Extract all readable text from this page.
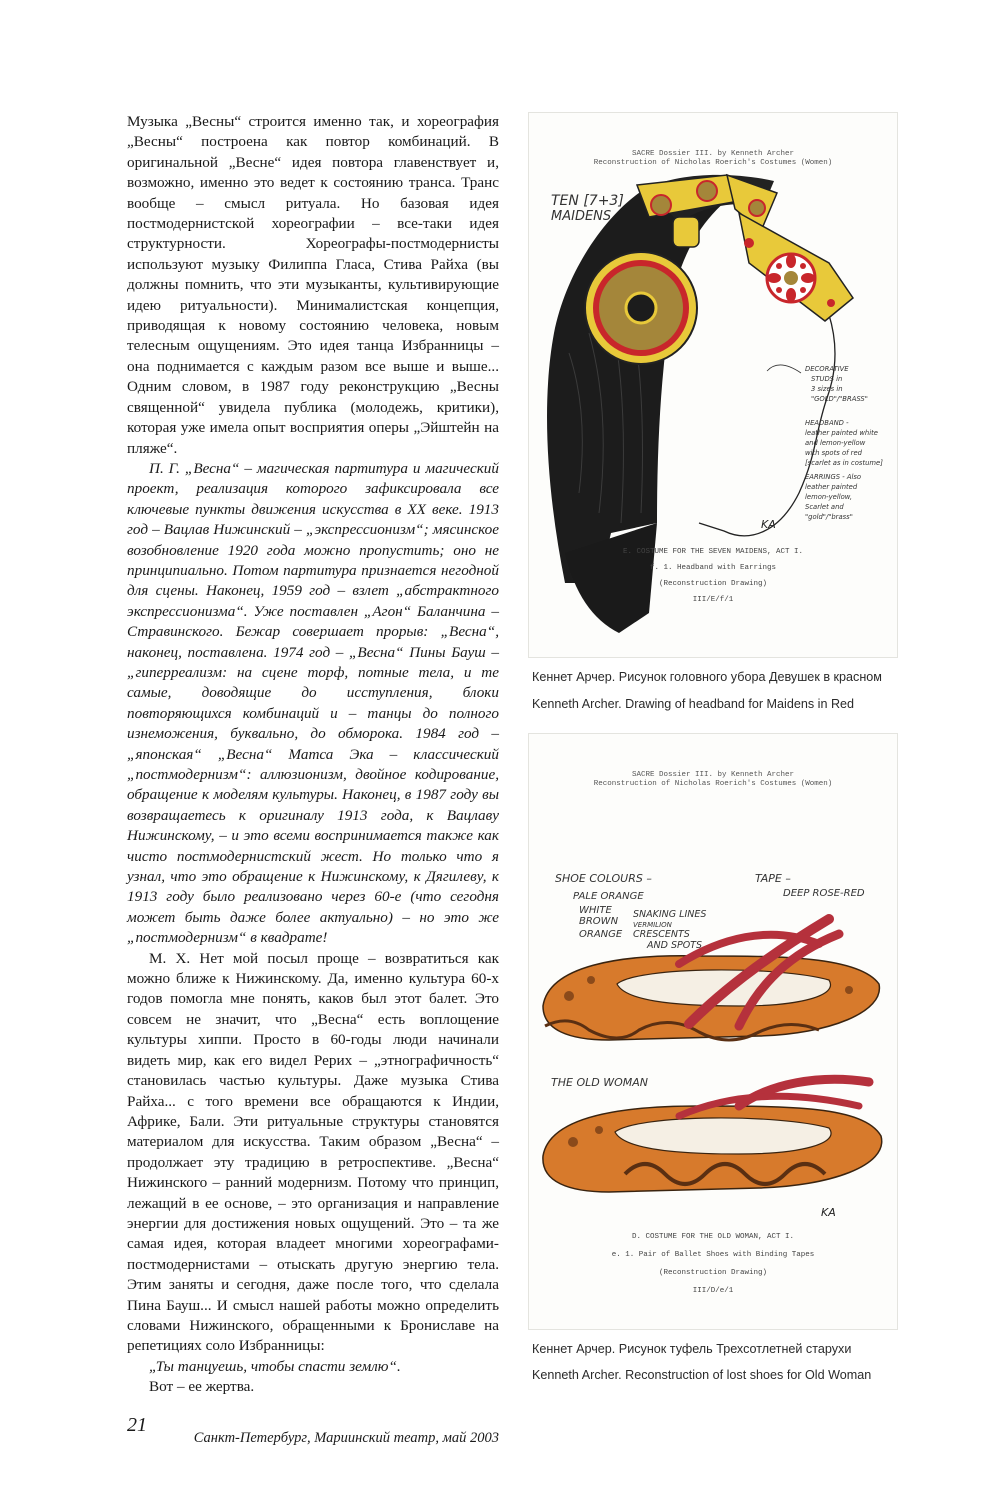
Музыка „Весны“ строится именно так, и хореография „Весны“ построена как повтор комбинаций. В оригинальной „Весне“ идея повтора главенствует и, возможно, именно это ведет к состоянию транса. Транс вообще – смысл ритуала. Но базовая идея постмодернистской хореографии – все-таки идея структурности. Хореографы-постмодернисты используют музыку Филиппа Гласа, Стива Райха (вы должны помнить, что эти музыканты, культивирующие идею ритуальности). Минималистская концепция, приводящая к новому состоянию человека, новым телесным ощущениям. Это идея танца Избранницы – она поднимается с каждым разом все выше и выше... Одним словом, в 1987 году реконструкцию „Весны священной“ увидела публика (молодежь, критики), которая уже имела опыт восприятия оперы „Эйштейн на пляже“.

П. Г. „Весна“ – магическая партитура и магический проект, реализация которого зафиксировала все ключевые пункты движения искусства в XX веке. 1913 год – Вацлав Нижинский – „экспрессионизм“; мясинское возобновление 1920 года можно пропустить; оно не принципиально. Потом партитура признается негодной для сцены. Наконец, 1959 год – взлет „абстрактного экспрессионизма“. Уже поставлен „Агон“ Баланчина – Стравинского. Бежар совершает прорыв: „Весна“, наконец, поставлена. 1974 год – „Весна“ Пины Бауш – „гиперреализм: на сцене торф, потные тела, и те самые, доводящие до исступления, блоки повторяющихся комбинаций и – танцы до полного изнеможения, буквально, до обморока. 1984 год – „японская“ „Весна“ Матса Эка – классический „постмодернизм“: аллюзионизм, двойное кодирование, обращение к моделям культуры. Наконец, в 1987 году вы возвращаетесь к оригиналу 1913 года, к Вацлаву Нижинскому, – и это всеми воспринимается также как чисто постмодернистский жест. Но только что я узнал, что это обращение к Нижинскому, к Дягилеву, к 1913 году было реализовано через 60-е (что сегодня может быть даже более актуально) – но это же „постмодернизм“ в квадрате!

М. Х. Нет мой посыл проще – возвратиться как можно ближе к Нижинскому. Да, именно культура 60-х годов помогла мне понять, каков был этот балет. Это совсем не значит, что „Весна“ есть воплощение культуры хиппи. Просто в 60-годы люди начинали видеть мир, как его видел Рерих – „этнографичность“ становилась частью культуры. Даже музыка Стива Райха... с того времени все обращаются к Индии, Африке, Бали. Эти ритуальные структуры становятся материалом для искусства. Таким образом „Весна“ – продолжает эту традицию в ретроспективе. „Весна“ Нижинского – ранний модернизм. Потому что принцип, лежащий в ее основе, – это организация и направление энергии для достижения новых ощущений. Это – та же самая идея, которая владеет многими хореографами-постмодернистами – отыскать другую энергию тела. Этим заняты и сегодня, даже после того, что сделала Пина Бауш... И смысл нашей работы можно определить словами Нижинского, обращенными к Брониславе на репетициях соло Избранницы:

„Ты танцуешь, чтобы спасти землю“.

Вот – ее жертва.

Санкт-Петербург, Мариинский театр, май 2003

21
SACRE Dossier III. by Kenneth Archer
Reconstruction of Nicholas Roerich's Costumes (Women)
TEN [7+3]
MAIDENS
DECORATIVE
STUDS in
3 sizes in
"GOLD"/"BRASS"
HEADBAND -
leather painted white
and lemon-yellow
with spots of red
[scarlet as in costume]
EARRINGS - Also
leather painted
lemon-yellow,
Scarlet and
"gold"/"brass"
KA
E. COSTUME FOR THE SEVEN MAIDENS, ACT I.
f. 1. Headband with Earrings
(Reconstruction Drawing)
III/E/f/1
Кеннет Арчер. Рисунок головного убора Девушек в красном
Kenneth Archer. Drawing of headband for Maidens in Red
SACRE Dossier III. by Kenneth Archer
Reconstruction of Nicholas Roerich's Costumes (Women)
SHOE COLOURS –
PALE ORANGE
WHITE
BROWN
SNAKING LINES
VERMILION
ORANGE CRESCENTS
AND SPOTS
TAPE –
DEEP ROSE-RED
THE OLD WOMAN
KA
D. COSTUME FOR THE OLD WOMAN, ACT I.
e. 1. Pair of Ballet Shoes with Binding Tapes
(Reconstruction Drawing)
III/D/e/1
Кеннет Арчер. Рисунок туфель Трехсотлетней старухи
Kenneth Archer. Reconstruction of lost shoes for Old Woman
